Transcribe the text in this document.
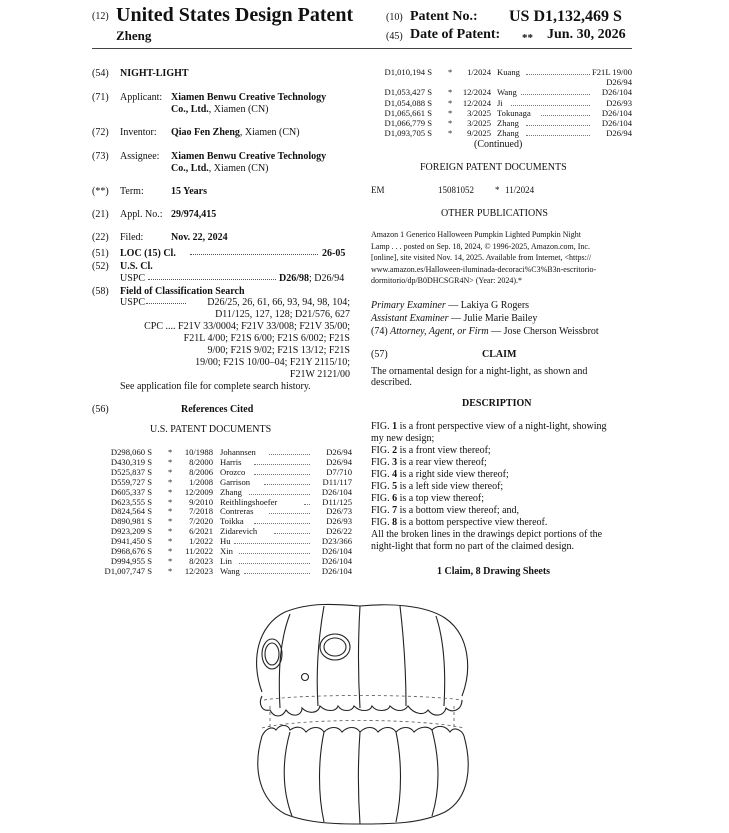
(12) United States Design Patent
Zheng
(10) Patent No.: US D1,132,469 S
(45) Date of Patent: ** Jun. 30, 2026
(54) NIGHT-LIGHT
(71) Applicant: Xiamen Benwu Creative Technology
Co., Ltd., Xiamen (CN)
(72) Inventor: Qiao Fen Zheng, Xiamen (CN)
(73) Assignee: Xiamen Benwu Creative Technology
Co., Ltd., Xiamen (CN)
(**) Term:	15 Years
(21) Appl. No.: 29/974,415
(22) Filed:	Nov. 22, 2024
(51) LOC (15) Cl.	26-05
(52) U.S. Cl.
USPC	D26/98; D26/94
(58) Field of Classification Search
USPC	D26/25, 26, 61, 66, 93, 94, 98, 104;
D11/125, 127, 128; D21/576, 627
CPC .... F21V 33/0004; F21V 33/008; F21V 35/00;
F21L 4/00; F21S 6/00; F21S 6/002; F21S
9/00; F21S 9/02; F21S 13/12; F21S
19/00; F21S 10/00–04; F21Y 2115/10;
F21W 2121/00
See application file for complete search history.
(56)	References Cited
U.S. PATENT DOCUMENTS
D298,060 S * 10/1988 Johannsen	D26/94
D430,319 S * 8/2000 Harris	D26/94
D525,837 S * 8/2006 Orozco	D7/710
D559,727 S * 1/2008 Garrison	D11/117
D605,337 S * 12/2009 Zhang	D26/104
D623,555 S * 9/2010 Reithlingshoefer	D11/125
D824,564 S * 7/2018 Contreras	D26/73
D890,981 S * 7/2020 Toikka	D26/93
D923,209 S * 6/2021 Zidarevich	D26/22
D941,450 S * 1/2022 Hu	D23/366
D968,676 S * 11/2022 Xin	D26/104
D994,955 S * 8/2023 Lin	D26/104
D1,007,747 S * 12/2023 Wang	D26/104
D1,010,194 S * 1/2024 Kuang	F21L 19/00
D26/94
D1,053,427 S * 12/2024 Wang	D26/104
D1,054,088 S * 12/2024 Ji	D26/93
D1,065,661 S * 3/2025 Tokunaga	D26/104
D1,066,779 S * 3/2025 Zhang	D26/104
D1,093,705 S * 9/2025 Zhang	D26/94
(Continued)
FOREIGN PATENT DOCUMENTS
EM	15081052 * 11/2024
OTHER PUBLICATIONS
Amazon 1 Generico Halloween Pumpkin Lighted Pumpkin Night
Lamp . . . posted on Sep. 18, 2024, © 1996-2025, Amazon.com, Inc.
[online], site visited Nov. 14, 2025. Available from Internet, <https://
www.amazon.es/Halloween-iluminada-decoraci%C3%B3n-escritorio-
dormitorio/dp/B0DHCSGR4N> (Year: 2024).*
Primary Examiner — Lakiya G Rogers
Assistant Examiner — Julie Marie Bailey
(74) Attorney, Agent, or Firm — Jose Cherson Weissbrot
(57)	CLAIM
The ornamental design for a night-light, as shown and
described.
DESCRIPTION
FIG. 1 is a front perspective view of a night-light, showing
my new design;
FIG. 2 is a front view thereof;
FIG. 3 is a rear view thereof;
FIG. 4 is a right side view thereof;
FIG. 5 is a left side view thereof;
FIG. 6 is a top view thereof;
FIG. 7 is a bottom view thereof; and,
FIG. 8 is a bottom perspective view thereof.
All the broken lines in the drawings depict portions of the
night-light that form no part of the claimed design.
1 Claim, 8 Drawing Sheets
